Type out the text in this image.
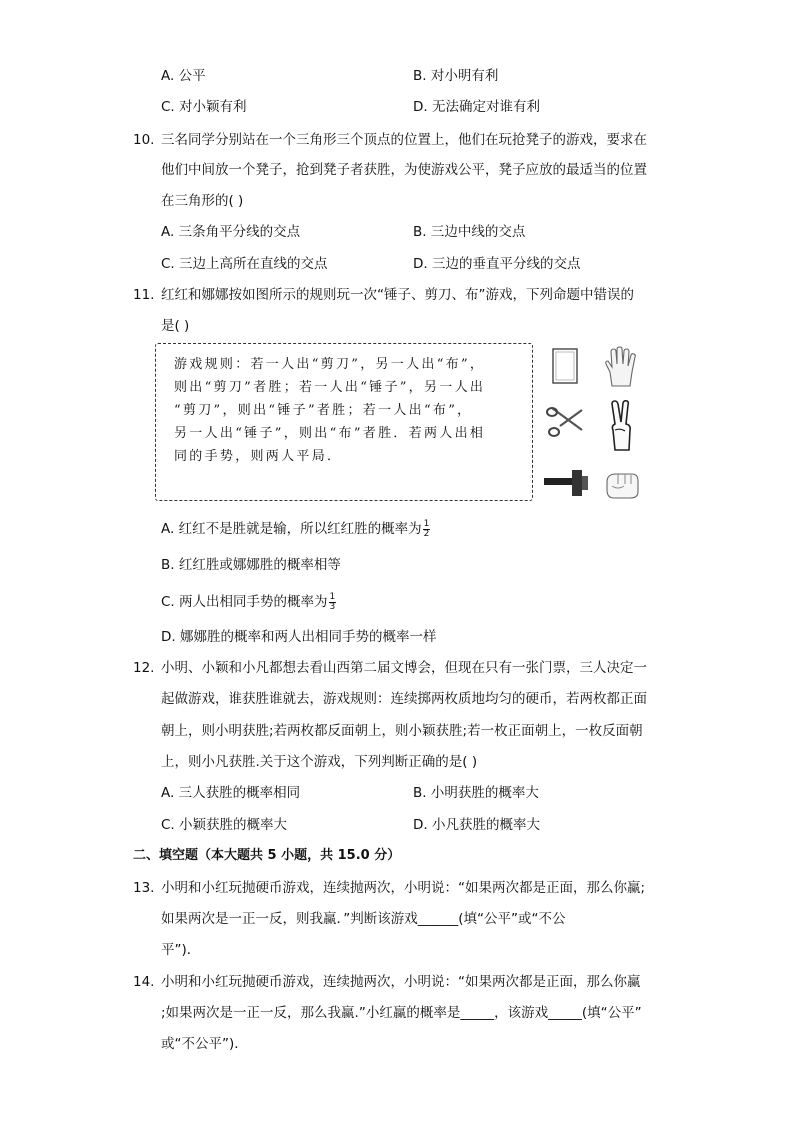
A. 公平	B. 对小明有利
C. 对小颖有利	D. 无法确定对谁有利
10. 三名同学分别站在一个三角形三个顶点的位置上，他们在玩抢凳子的游戏，要求在
他们中间放一个凳子，抢到凳子者获胜，为使游戏公平，凳子应放的最适当的位置
在三角形的( )
A. 三条角平分线的交点	B. 三边中线的交点
C. 三边上高所在直线的交点	D. 三边的垂直平分线的交点
11. 红红和娜娜按如图所示的规则玩一次“锤子、剪刀、布”游戏，下列命题中错误的
是( )
游戏规则：若一人出“剪刀”，另一人出“布”，
则出“剪刀”者胜；若一人出“锤子”，另一人出
“剪刀”，则出“锤子”者胜；若一人出“布”，
另一人出“锤子”，则出“布”者胜．若两人出相
同的手势，则两人平局．
A. 红红不是胜就是输，所以红红胜的概率为 $\frac{1}{2}$
B. 红红胜或娜娜胜的概率相等
C. 两人出相同手势的概率为 $\frac{1}{3}$
D. 娜娜胜的概率和两人出相同手势的概率一样
12. 小明、小颖和小凡都想去看山西第二届文博会，但现在只有一张门票，三人决定一
起做游戏，谁获胜谁就去，游戏规则：连续掷两枚质地均匀的硬币，若两枚都正面
朝上，则小明获胜;若两枚都反面朝上，则小颖获胜;若一枚正面朝上，一枚反面朝
上，则小凡获胜.关于这个游戏，下列判断正确的是( )
A. 三人获胜的概率相同	B. 小明获胜的概率大
C. 小颖获胜的概率大	D. 小凡获胜的概率大
二、填空题（本大题共 5 小题，共 15.0 分）
13. 小明和小红玩抛硬币游戏，连续抛两次，小明说：“如果两次都是正面，那么你赢;
如果两次是一正一反，则我赢．”判断该游戏______(填“公平”或“不公
平”)．
14. 小明和小红玩抛硬币游戏，连续抛两次，小明说：“如果两次都是正面，那么你赢
;如果两次是一正一反，那么我赢.”小红赢的概率是_____，该游戏_____(填“公平”
或“不公平”)．
